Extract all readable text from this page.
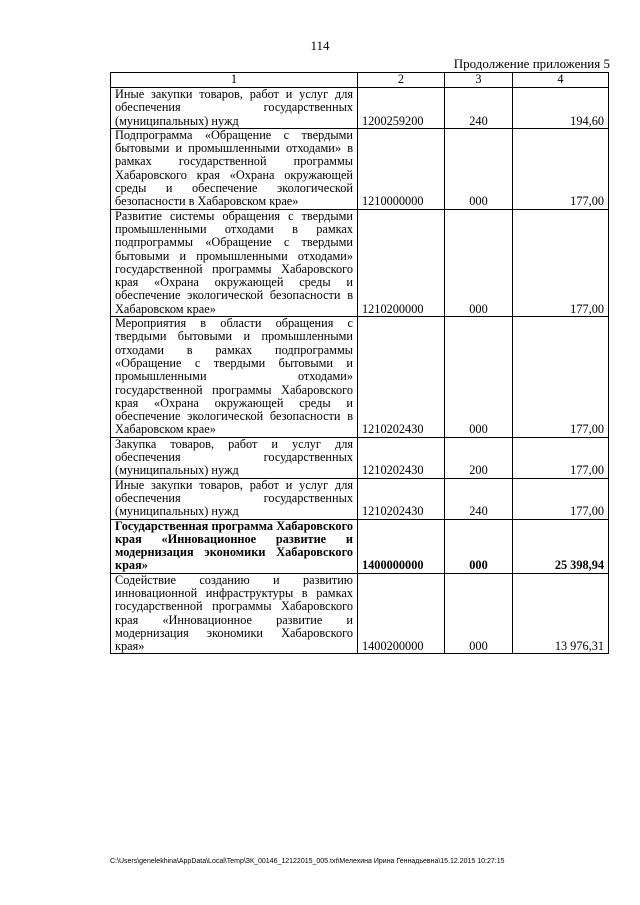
114
Продолжение приложения 5
1	2	3	4
Иные закупки товаров, работ и услуг для обеспечения государственных (муниципальных) нужд	1200259200	240	194,60
Подпрограмма «Обращение с твердыми бытовыми и промышленными отходами» в рамках государственной программы Хабаровского края «Охрана окружающей среды и обеспечение экологической безопасности в Хабаровском крае»	1210000000	000	177,00
Развитие системы обращения с твердыми промышленными отходами в рамках подпрограммы «Обращение с твердыми бытовыми и промышленными отходами» государственной программы Хабаровского края «Охрана окружающей среды и обеспечение экологической безопасности в Хабаровском крае»	1210200000	000	177,00
Мероприятия в области обращения с твердыми бытовыми и промышленными отходами в рамках подпрограммы «Обращение с твердыми бытовыми и промышленными отходами» государственной программы Хабаровского края «Охрана окружающей среды и обеспечение экологической безопасности в Хабаровском крае»	1210202430	000	177,00
Закупка товаров, работ и услуг для обеспечения государственных (муниципальных) нужд	1210202430	200	177,00
Иные закупки товаров, работ и услуг для обеспечения государственных (муниципальных) нужд	1210202430	240	177,00
Государственная программа Хабаровского края «Инновационное развитие и модернизация экономики Хабаровского края»	1400000000	000	25 398,94
Содействие созданию и развитию инновационной инфраструктуры в рамках государственной программы Хабаровского края «Инновационное развитие и модернизация экономики Хабаровского края»	1400200000	000	13 976,31
C:\Users\genelekhina\AppData\Local\Temp\ЗК_00146_12122015_005.txt\Мелехина Ирина Геннадьевна\15.12.2015 10:27:15
